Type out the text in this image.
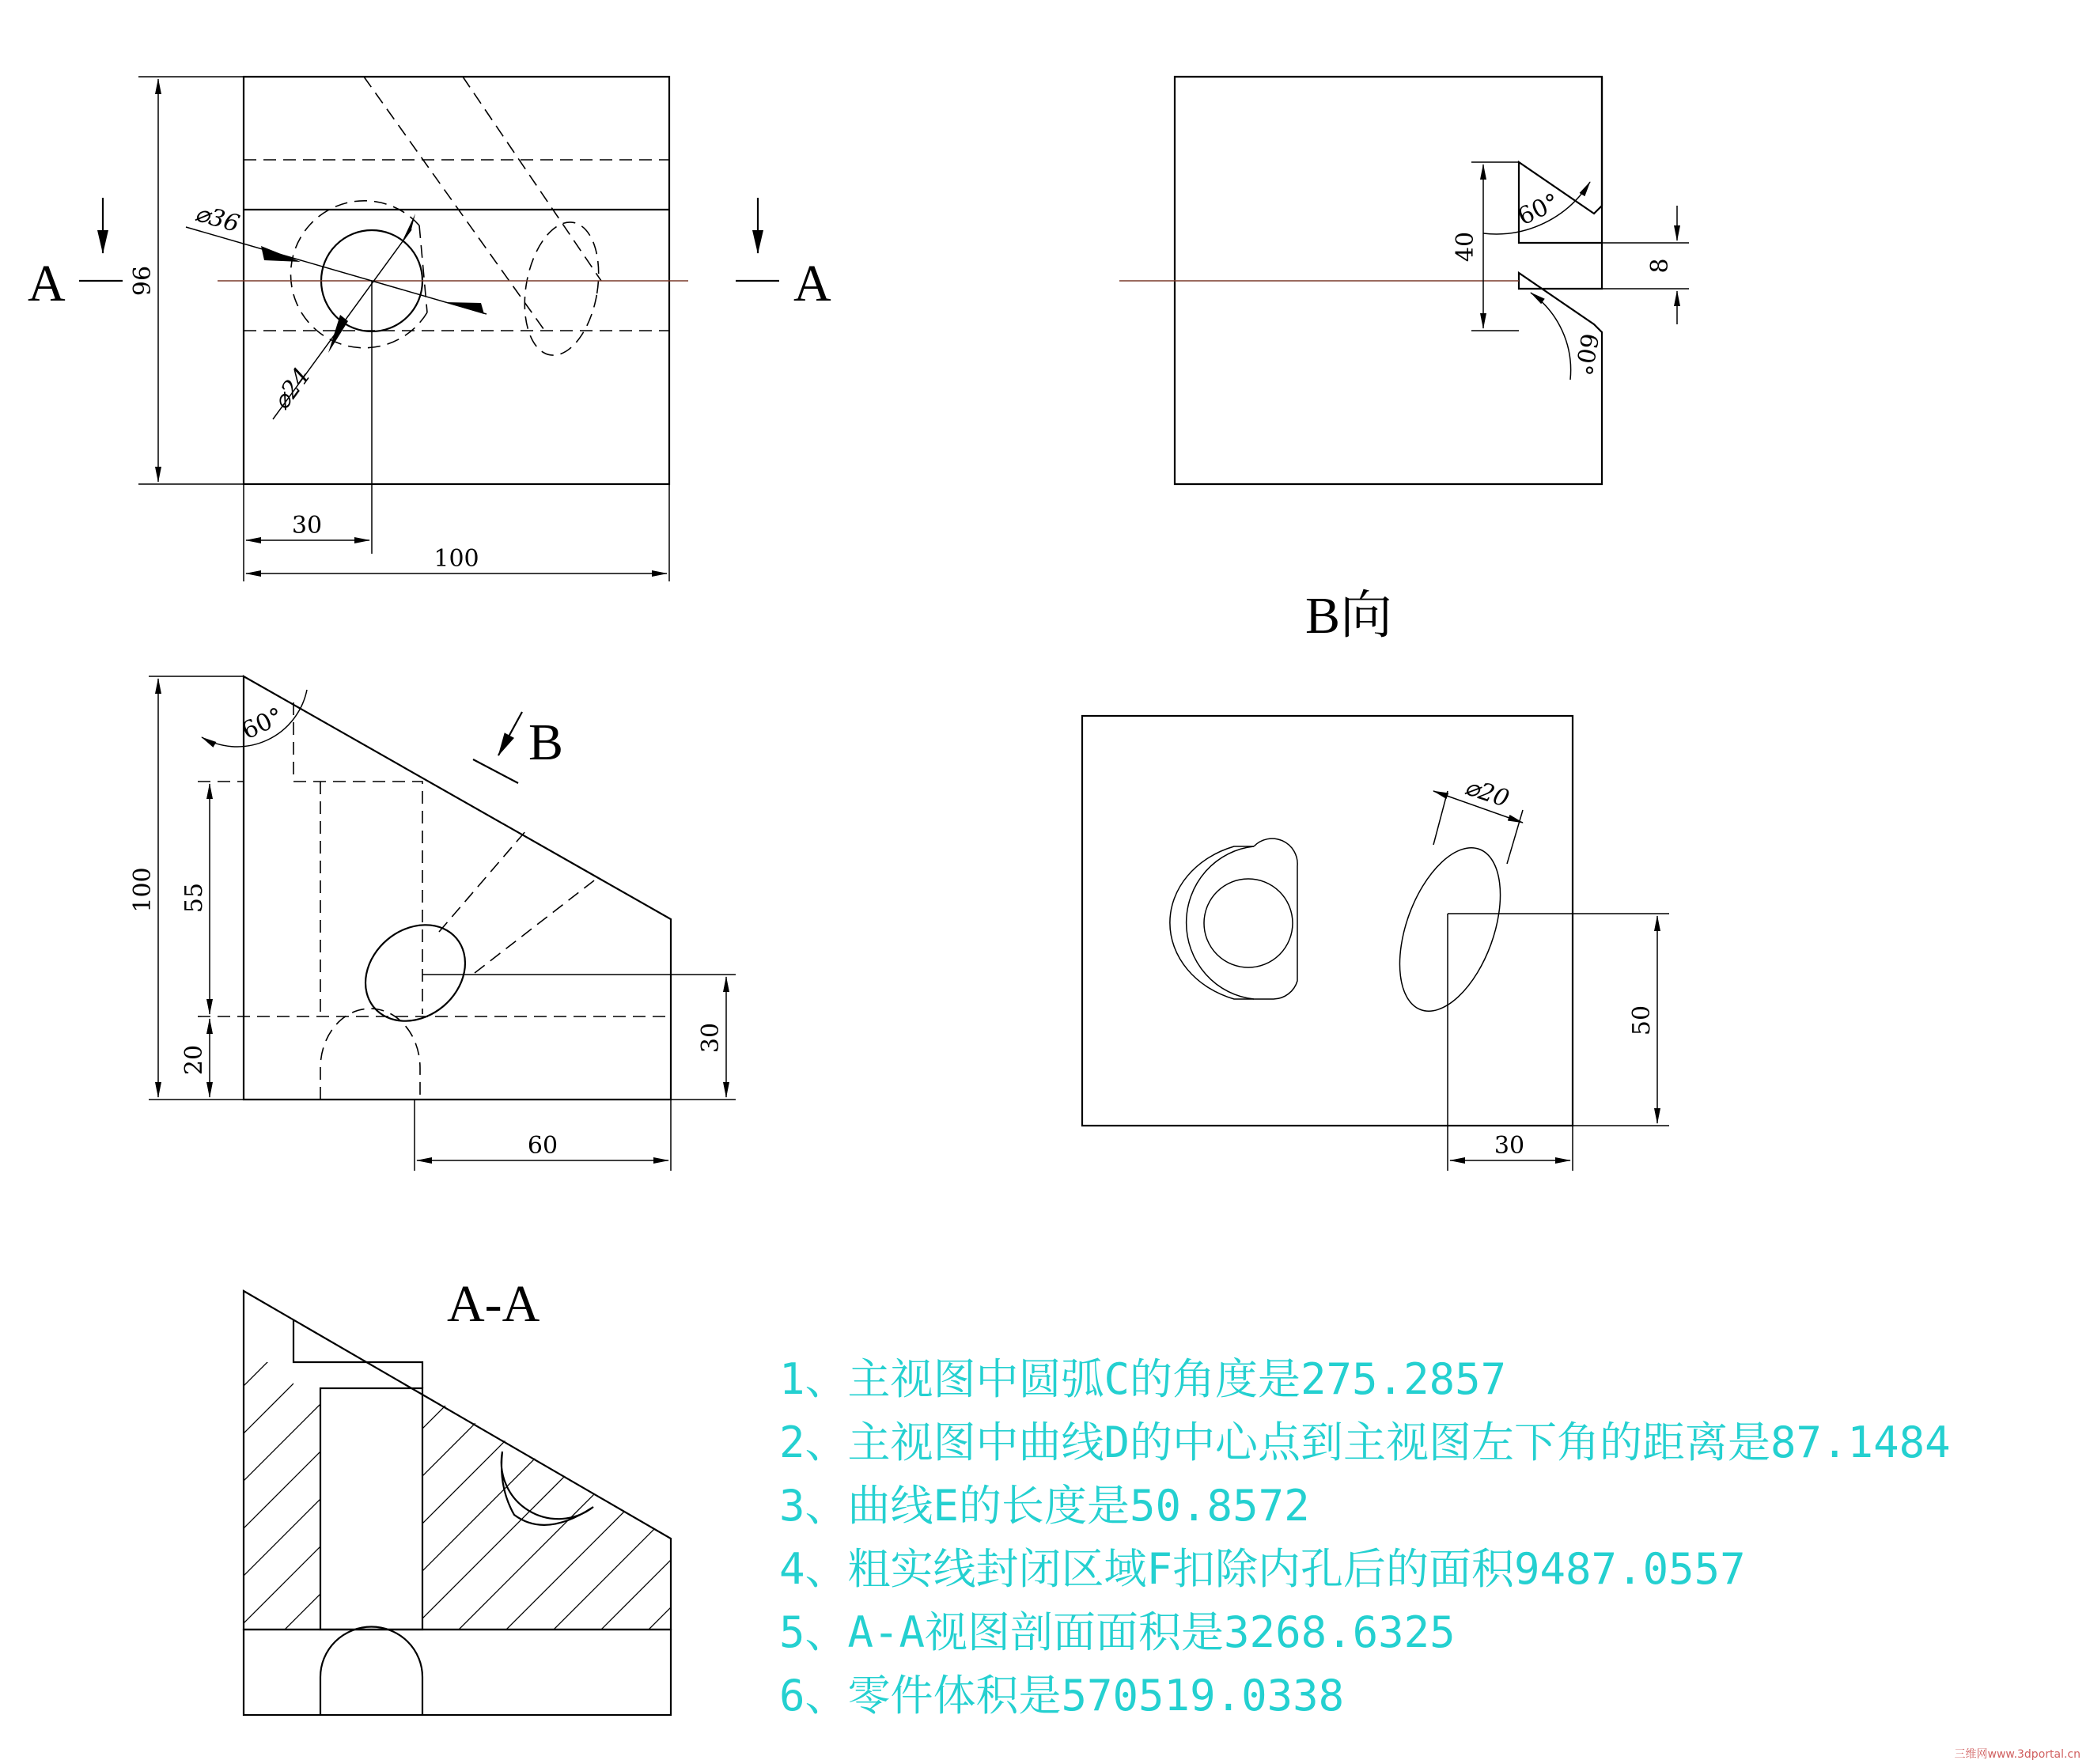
96
30
100
⌀36
⌀24
A	A
40
8
60°
60°
B向
100 55
20
30
60
60°	B
⌀20
50
30
A-A
1、主视图中圆弧C的角度是275.2857
2、主视图中曲线D的中心点到主视图左下角的距离是87.1484
3、曲线E的长度是50.8572
4、粗实线封闭区域F扣除内孔后的面积9487.0557
5、A-A视图剖面面积是3268.6325
6、零件体积是570519.0338
三维网www.3dportal.cn
